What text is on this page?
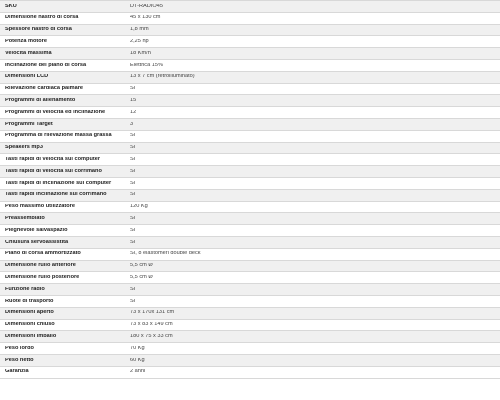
SKU	DT-RADIO45
Dimensione nastro di corsa	45 x 130 cm
Spessore nastro di corsa	1,8 mm
Potenza motore	2,25 hp
Velocità massima	18 Km/h
Inclinazione del piano di corsa	Elettrica 15%
Dimensioni LCD	13 x 7 cm (retroilluminato)
Rilevazione cardiaca palmare	Sì
Programmi di allenamento	15
Programmi di velocità ed inclinazione	12
Programmi Target	3
Programma di rilevazione massa grassa	Sì
Speakers mp3	Sì
Tasti rapidi di velocità sul computer	Sì
Tasti rapidi di velocità sul corrimano	Sì
Tasti rapidi di inclinazione sul computer	Sì
Tasti rapidi inclinazione sul corrimano	Sì
Peso massimo utilizzatore	120 Kg
Preassemblato	Sì
Pieghevole salvaspazio	Sì
Chiusura servoassistita	Sì
Piano di corsa ammortizzato	Sì, 8 elastomeri double deck
Dimensione rullo anteriore	5,5 cm Ø
Dimensione rullo posteriore	5,5 cm Ø
Funzione radio	Sì
Ruote di trasporto	Sì
Dimensioni aperto	73 x 170x 131 cm
Dimensioni chiuso	73 x 83 x 149 cm
Dimensioni imballo	180 x 75 x 33 cm
Peso lordo	70 Kg
Peso netto	60 Kg
Garanzia	2 anni
